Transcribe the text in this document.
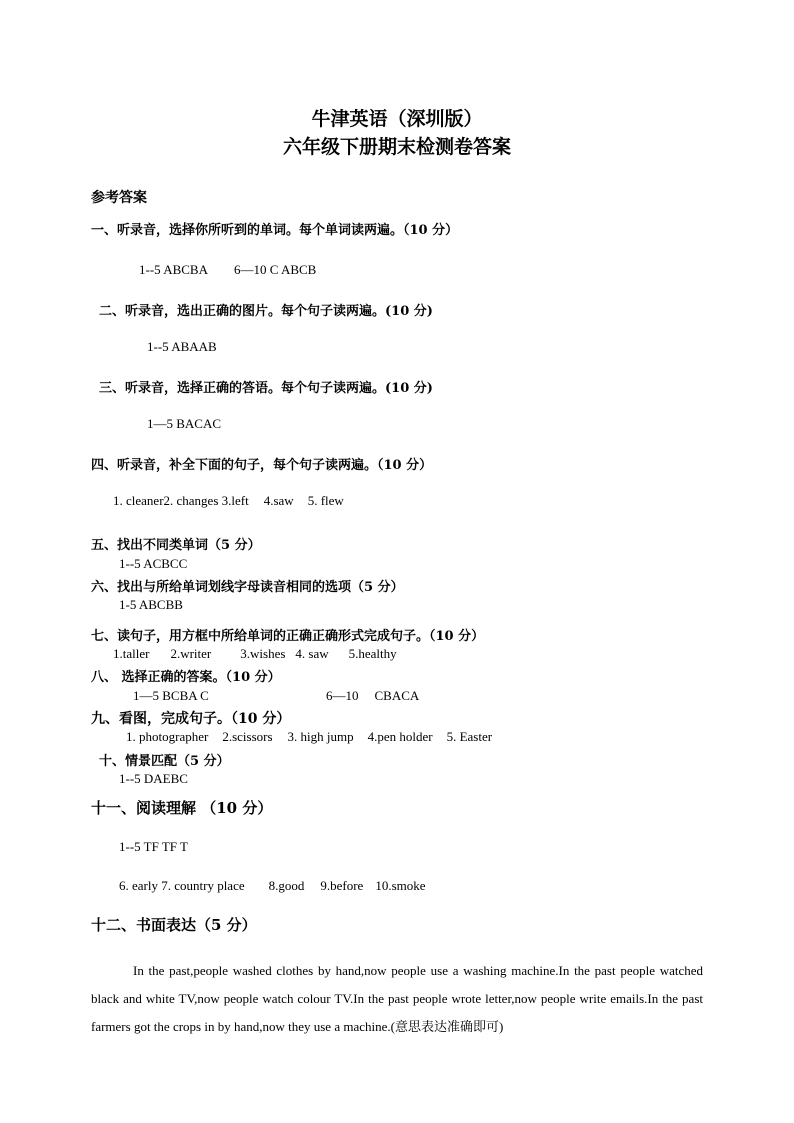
牛津英语（深圳版）
六年级下册期末检测卷答案
参考答案
一、听录音，选择你所听到的单词。每个单词读两遍。（10 分）
1--5 ABCBA 6—10 C ABCB
二、听录音，选出正确的图片。每个句子读两遍。(10 分)
1--5 ABAAB
三、听录音，选择正确的答语。每个句子读两遍。(10 分)
1—5 BACAC
四、听录音，补全下面的句子，每个句子读两遍。（10 分）
1. cleaner2. changes 3.left 4.saw 5. flew
五、找出不同类单词（5 分）
1--5 ACBCC
六、找出与所给单词划线字母读音相同的选项（5 分）
1-5 ABCBB
七、读句子，用方框中所给单词的正确正确形式完成句子。（10 分）
1.taller 2.writer 3.wishes 4. saw 5.healthy
八、 选择正确的答案。（10 分）
1—5 BCBA C	6—10 CBACA
九、看图，完成句子。（10 分）
1. photographer 2.scissors 3. high jump 4.pen holder 5. Easter
十、情景匹配（5 分）
1--5 DAEBC
十一、阅读理解 （10 分）
1--5 TF TF T
6. early 7. country place 8.good 9.before 10.smoke
十二、书面表达（5 分）
In the past,people washed clothes by hand,now people use a washing machine.In the past people watched black and white TV,now people watch colour TV.In the past people wrote letter,now people write emails.In the past farmers got the crops in by hand,now they use a machine.(意思表达准确即可)
